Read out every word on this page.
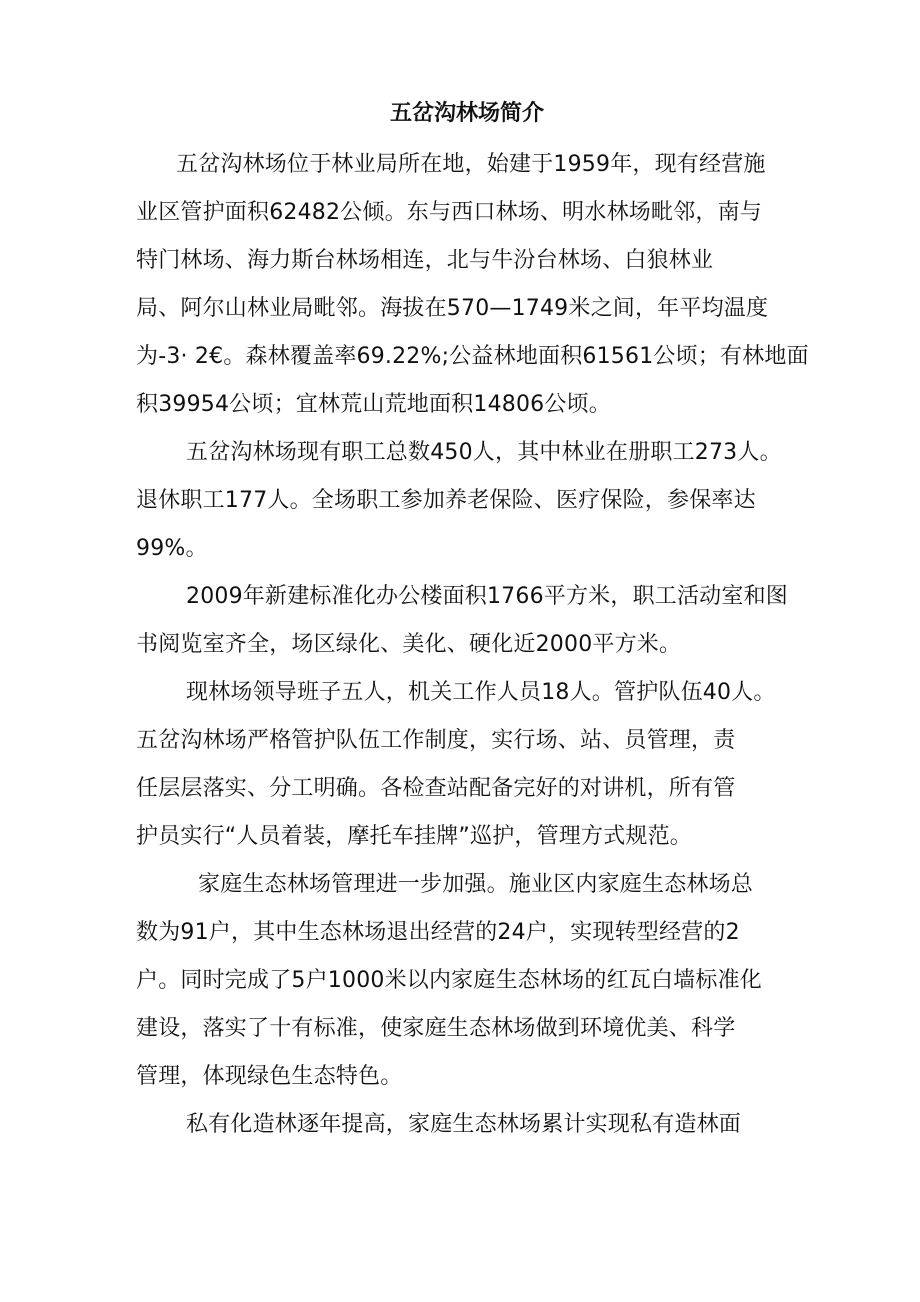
五岔沟林场简介
五岔沟林场位于林业局所在地，始建于1959年，现有经营施
业区管护面积62482公倾。东与西口林场、明水林场毗邻，南与
特门林场、海力斯台林场相连，北与牛汾台林场、白狼林业
局、阿尔山林业局毗邻。海拔在570—1749米之间，年平均温度
为-3· 2€。森林覆盖率69.22%;公益林地面积61561公顷；有林地面
积39954公顷；宜林荒山荒地面积14806公顷。
五岔沟林场现有职工总数450人，其中林业在册职工273人。
退休职工177人。全场职工参加养老保险、医疗保险，参保率达
99%。
2009年新建标准化办公楼面积1766平方米，职工活动室和图
书阅览室齐全，场区绿化、美化、硬化近2000平方米。
现林场领导班子五人，机关工作人员18人。管护队伍40人。
五岔沟林场严格管护队伍工作制度，实行场、站、员管理，责
任层层落实、分工明确。各检查站配备完好的对讲机，所有管
护员实行“人员着装，摩托车挂牌”巡护，管理方式规范。
家庭生态林场管理进一步加强。施业区内家庭生态林场总
数为91户，其中生态林场退出经营的24户，实现转型经营的2
户。同时完成了5户1000米以内家庭生态林场的红瓦白墙标准化
建设，落实了十有标准，使家庭生态林场做到环境优美、科学
管理，体现绿色生态特色。
私有化造林逐年提高，家庭生态林场累计实现私有造林面
